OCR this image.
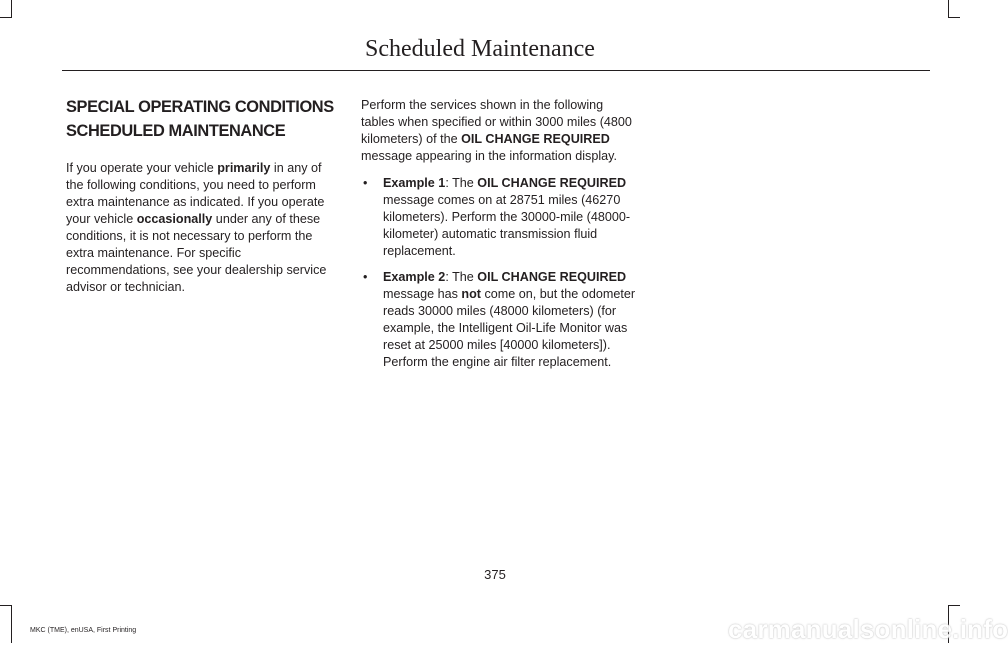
Scheduled Maintenance
SPECIAL OPERATING CONDITIONS
SCHEDULED MAINTENANCE

If you operate your vehicle primarily in any of the following conditions, you need to perform extra maintenance as indicated. If you operate your vehicle occasionally under any of these conditions, it is not necessary to perform the extra maintenance. For specific recommendations, see your dealership service advisor or technician.

Perform the services shown in the following tables when specified or within 3000 miles (4800 kilometers) of the OIL CHANGE REQUIRED message appearing in the information display.

• Example 1: The OIL CHANGE REQUIRED message comes on at 28751 miles (46270 kilometers). Perform the 30000-mile (48000-kilometer) automatic transmission fluid replacement.
• Example 2: The OIL CHANGE REQUIRED message has not come on, but the odometer reads 30000 miles (48000 kilometers) (for example, the Intelligent Oil-Life Monitor was reset at 25000 miles [40000 kilometers]). Perform the engine air filter replacement.
375
MKC (TME), enUSA, First Printing	carmanualsonline.info
